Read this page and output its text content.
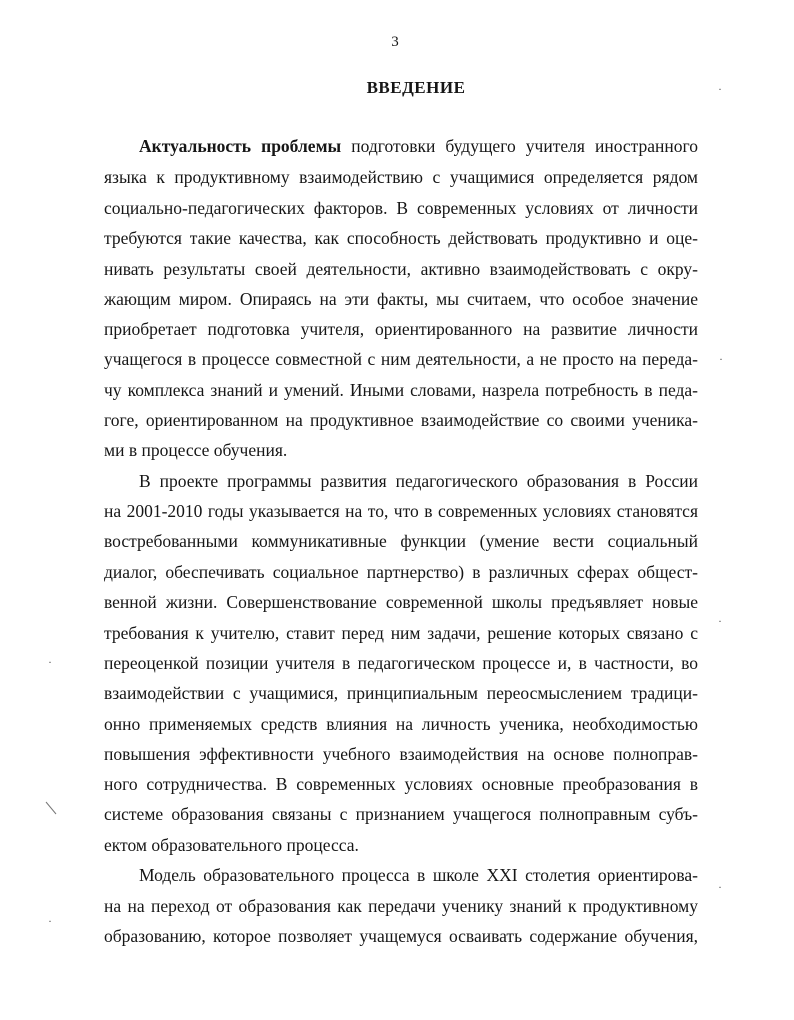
3
ВВЕДЕНИЕ
Актуальность проблемы подготовки будущего учителя иностранного
языка к продуктивному взаимодействию с учащимися определяется рядом
социально-педагогических факторов. В современных условиях от личности
требуются такие качества, как способность действовать продуктивно и оце-
нивать результаты своей деятельности, активно взаимодействовать с окру-
жающим миром. Опираясь на эти факты, мы считаем, что особое значение
приобретает подготовка учителя, ориентированного на развитие личности
учащегося в процессе совместной с ним деятельности, а не просто на переда-
чу комплекса знаний и умений. Иными словами, назрела потребность в педа-
гоге, ориентированном на продуктивное взаимодействие со своими ученика-
ми в процессе обучения.
В проекте программы развития педагогического образования в России
на 2001-2010 годы указывается на то, что в современных условиях становятся
востребованными коммуникативные функции (умение вести социальный
диалог, обеспечивать социальное партнерство) в различных сферах общест-
венной жизни. Совершенствование современной школы предъявляет новые
требования к учителю, ставит перед ним задачи, решение которых связано с
переоценкой позиции учителя в педагогическом процессе и, в частности, во
взаимодействии с учащимися, принципиальным переосмыслением традици-
онно применяемых средств влияния на личность ученика, необходимостью
повышения эффективности учебного взаимодействия на основе полноправ-
ного сотрудничества. В современных условиях основные преобразования в
системе образования связаны с признанием учащегося полноправным субъ-
ектом образовательного процесса.
Модель образовательного процесса в школе XXI столетия ориентирова-
на на переход от образования как передачи ученику знаний к продуктивному
образованию, которое позволяет учащемуся осваивать содержание обучения,
·
·
·
·
·
·
